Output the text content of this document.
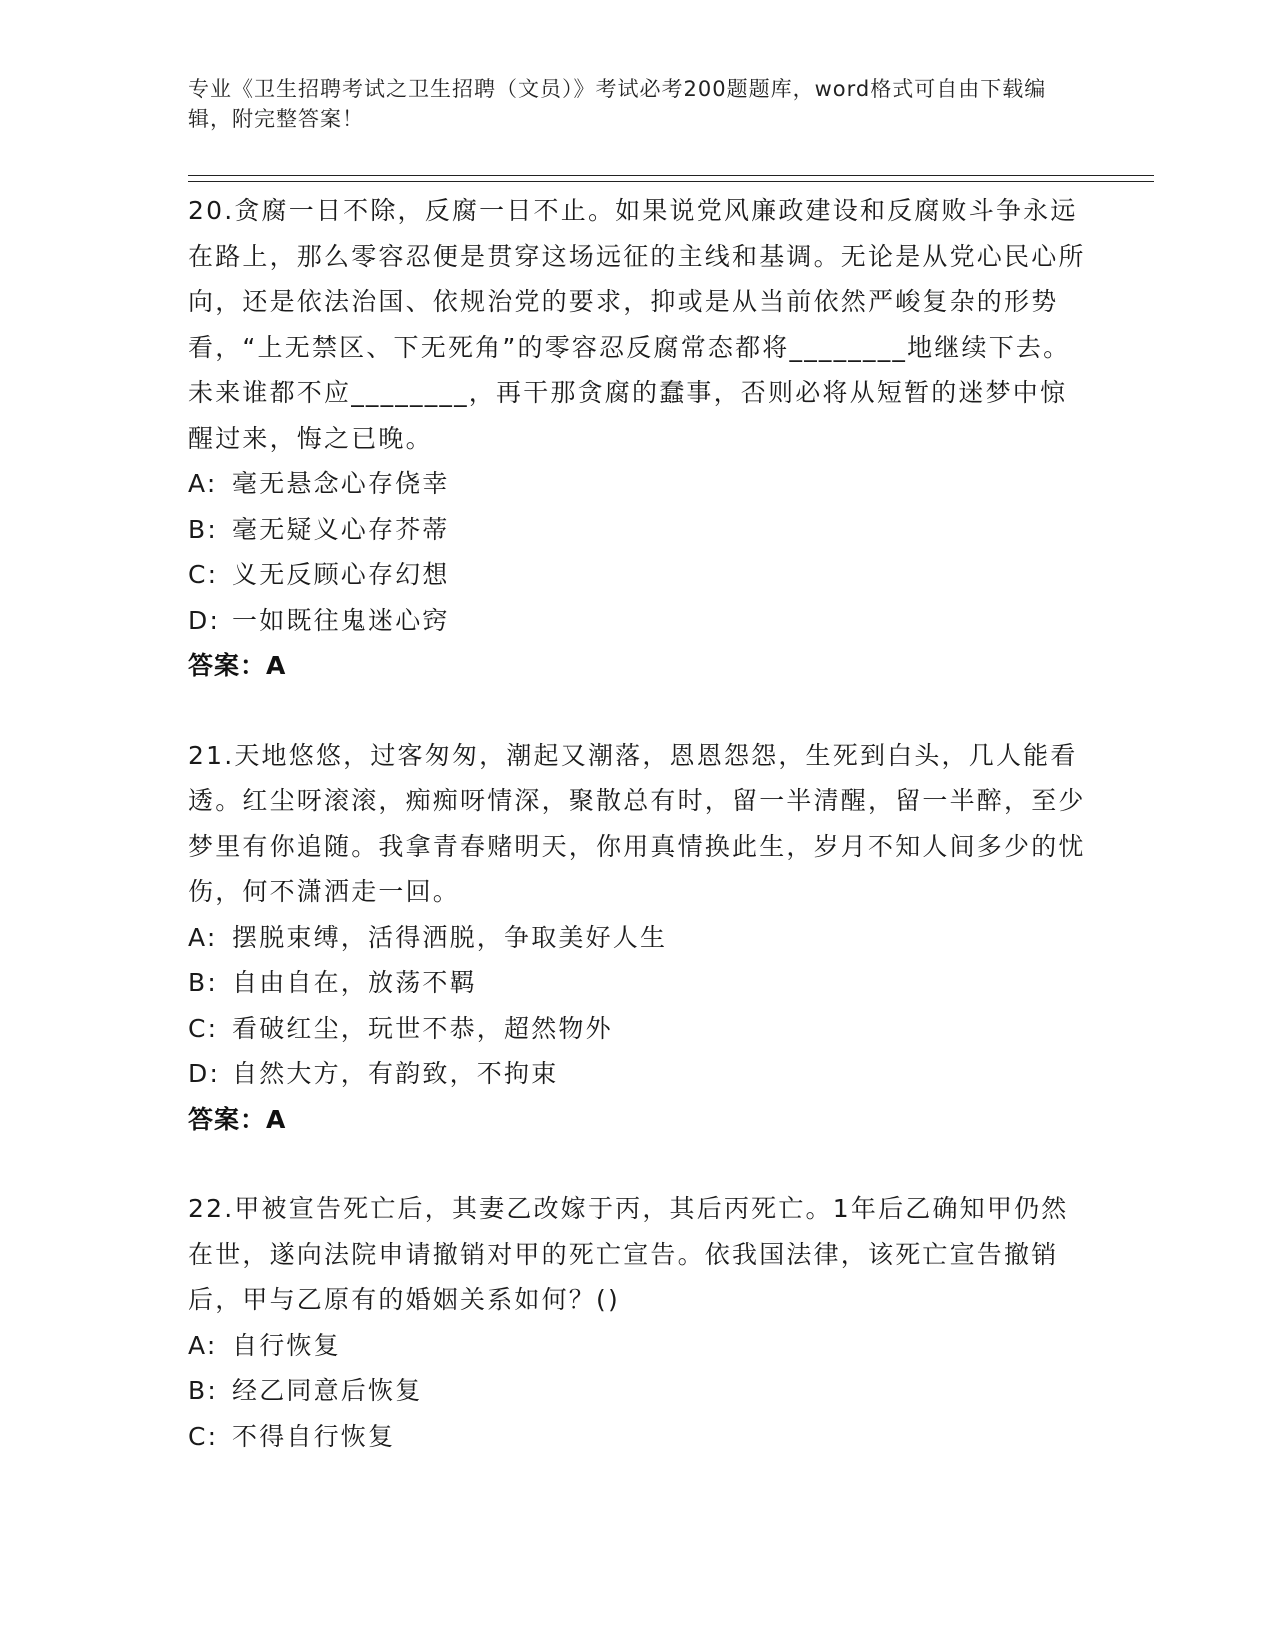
专业《卫生招聘考试之卫生招聘（文员）》考试必考200题题库，word格式可自由下载编辑，附完整答案！
20.贪腐一日不除，反腐一日不止。如果说党风廉政建设和反腐败斗争永远在路上，那么零容忍便是贯穿这场远征的主线和基调。无论是从党心民心所向，还是依法治国、依规治党的要求，抑或是从当前依然严峻复杂的形势看，“上无禁区、下无死角”的零容忍反腐常态都将________地继续下去。未来谁都不应________，再干那贪腐的蠢事，否则必将从短暂的迷梦中惊醒过来，悔之已晚。
A: 毫无悬念心存侥幸
B: 毫无疑义心存芥蒂
C: 义无反顾心存幻想
D: 一如既往鬼迷心窍
答案：A
21.天地悠悠，过客匆匆，潮起又潮落，恩恩怨怨，生死到白头，几人能看透。红尘呀滚滚，痴痴呀情深，聚散总有时，留一半清醒，留一半醉，至少梦里有你追随。我拿青春赌明天，你用真情换此生，岁月不知人间多少的忧伤，何不潇洒走一回。
A: 摆脱束缚，活得洒脱，争取美好人生
B: 自由自在，放荡不羁
C: 看破红尘，玩世不恭，超然物外
D: 自然大方，有韵致，不拘束
答案：A
22.甲被宣告死亡后，其妻乙改嫁于丙，其后丙死亡。1年后乙确知甲仍然在世，遂向法院申请撤销对甲的死亡宣告。依我国法律，该死亡宣告撤销后，甲与乙原有的婚姻关系如何？()
A: 自行恢复
B: 经乙同意后恢复
C: 不得自行恢复
